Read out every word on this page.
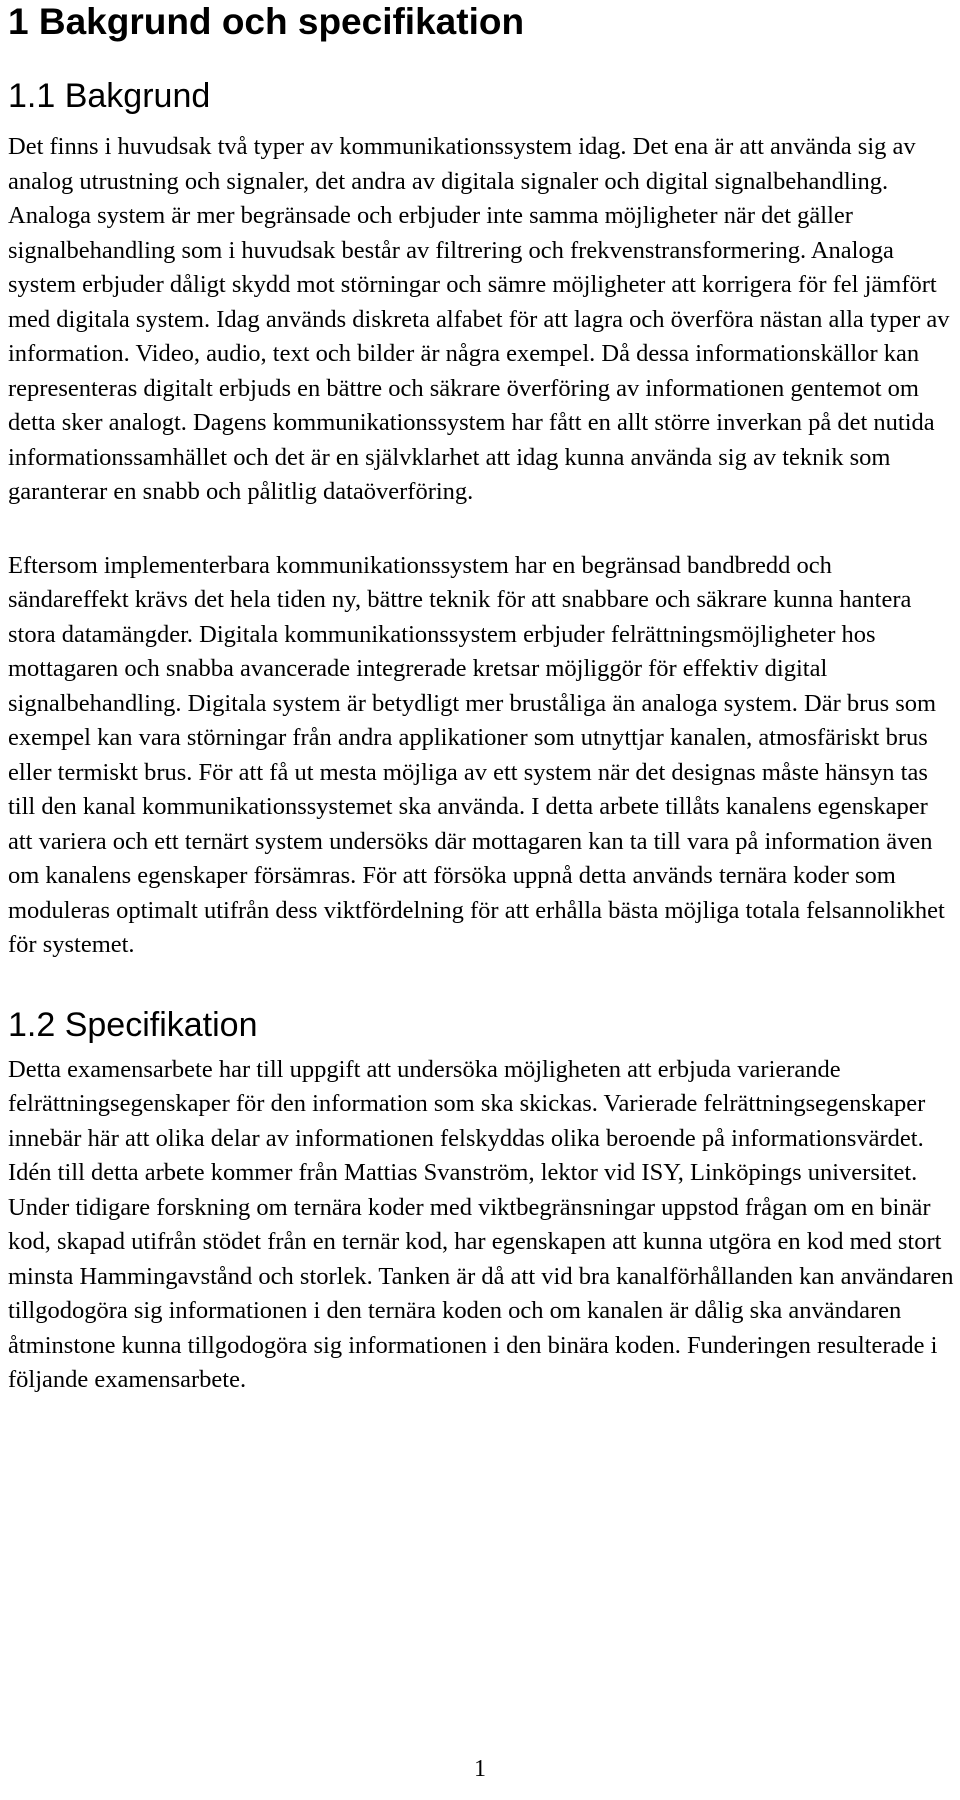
1 Bakgrund och specifikation
1.1 Bakgrund

Det finns i huvudsak två typer av kommunikationssystem idag. Det ena är att använda sig av analog utrustning och signaler, det andra av digitala signaler och digital signalbehandling. Analoga system är mer begränsade och erbjuder inte samma möjligheter när det gäller signalbehandling som i huvudsak består av filtrering och frekvenstransformering. Analoga system erbjuder dåligt skydd mot störningar och sämre möjligheter att korrigera för fel jämfört med digitala system. Idag används diskreta alfabet för att lagra och överföra nästan alla typer av information. Video, audio, text och bilder är några exempel. Då dessa informationskällor kan representeras digitalt erbjuds en bättre och säkrare överföring av informationen gentemot om detta sker analogt. Dagens kommunikationssystem har fått en allt större inverkan på det nutida informationssamhället och det är en självklarhet att idag kunna använda sig av teknik som garanterar en snabb och pålitlig dataöverföring.

Eftersom implementerbara kommunikationssystem har en begränsad bandbredd och sändareffekt krävs det hela tiden ny, bättre teknik för att snabbare och säkrare kunna hantera stora datamängder. Digitala kommunikationssystem erbjuder felrättningsmöjligheter hos mottagaren och snabba avancerade integrerade kretsar möjliggör för effektiv digital signalbehandling. Digitala system är betydligt mer bruståliga än analoga system. Där brus som exempel kan vara störningar från andra applikationer som utnyttjar kanalen, atmosfäriskt brus eller termiskt brus. För att få ut mesta möjliga av ett system när det designas måste hänsyn tas till den kanal kommunikationssystemet ska använda. I detta arbete tillåts kanalens egenskaper att variera och ett ternärt system undersöks där mottagaren kan ta till vara på information även om kanalens egenskaper försämras. För att försöka uppnå detta används ternära koder som moduleras optimalt utifrån dess viktfördelning för att erhålla bästa möjliga totala felsannolikhet för systemet.

1.2 Specifikation

Detta examensarbete har till uppgift att undersöka möjligheten att erbjuda varierande felrättningsegenskaper för den information som ska skickas. Varierade felrättningsegenskaper innebär här att olika delar av informationen felskyddas olika beroende på informationsvärdet. Idén till detta arbete kommer från Mattias Svanström, lektor vid ISY, Linköpings universitet. Under tidigare forskning om ternära koder med viktbegränsningar uppstod frågan om en binär kod, skapad utifrån stödet från en ternär kod, har egenskapen att kunna utgöra en kod med stort minsta Hammingavstånd och storlek. Tanken är då att vid bra kanalförhållanden kan användaren tillgodogöra sig informationen i den ternära koden och om kanalen är dålig ska användaren åtminstone kunna tillgodogöra sig informationen i den binära koden. Funderingen resulterade i följande examensarbete.

1
